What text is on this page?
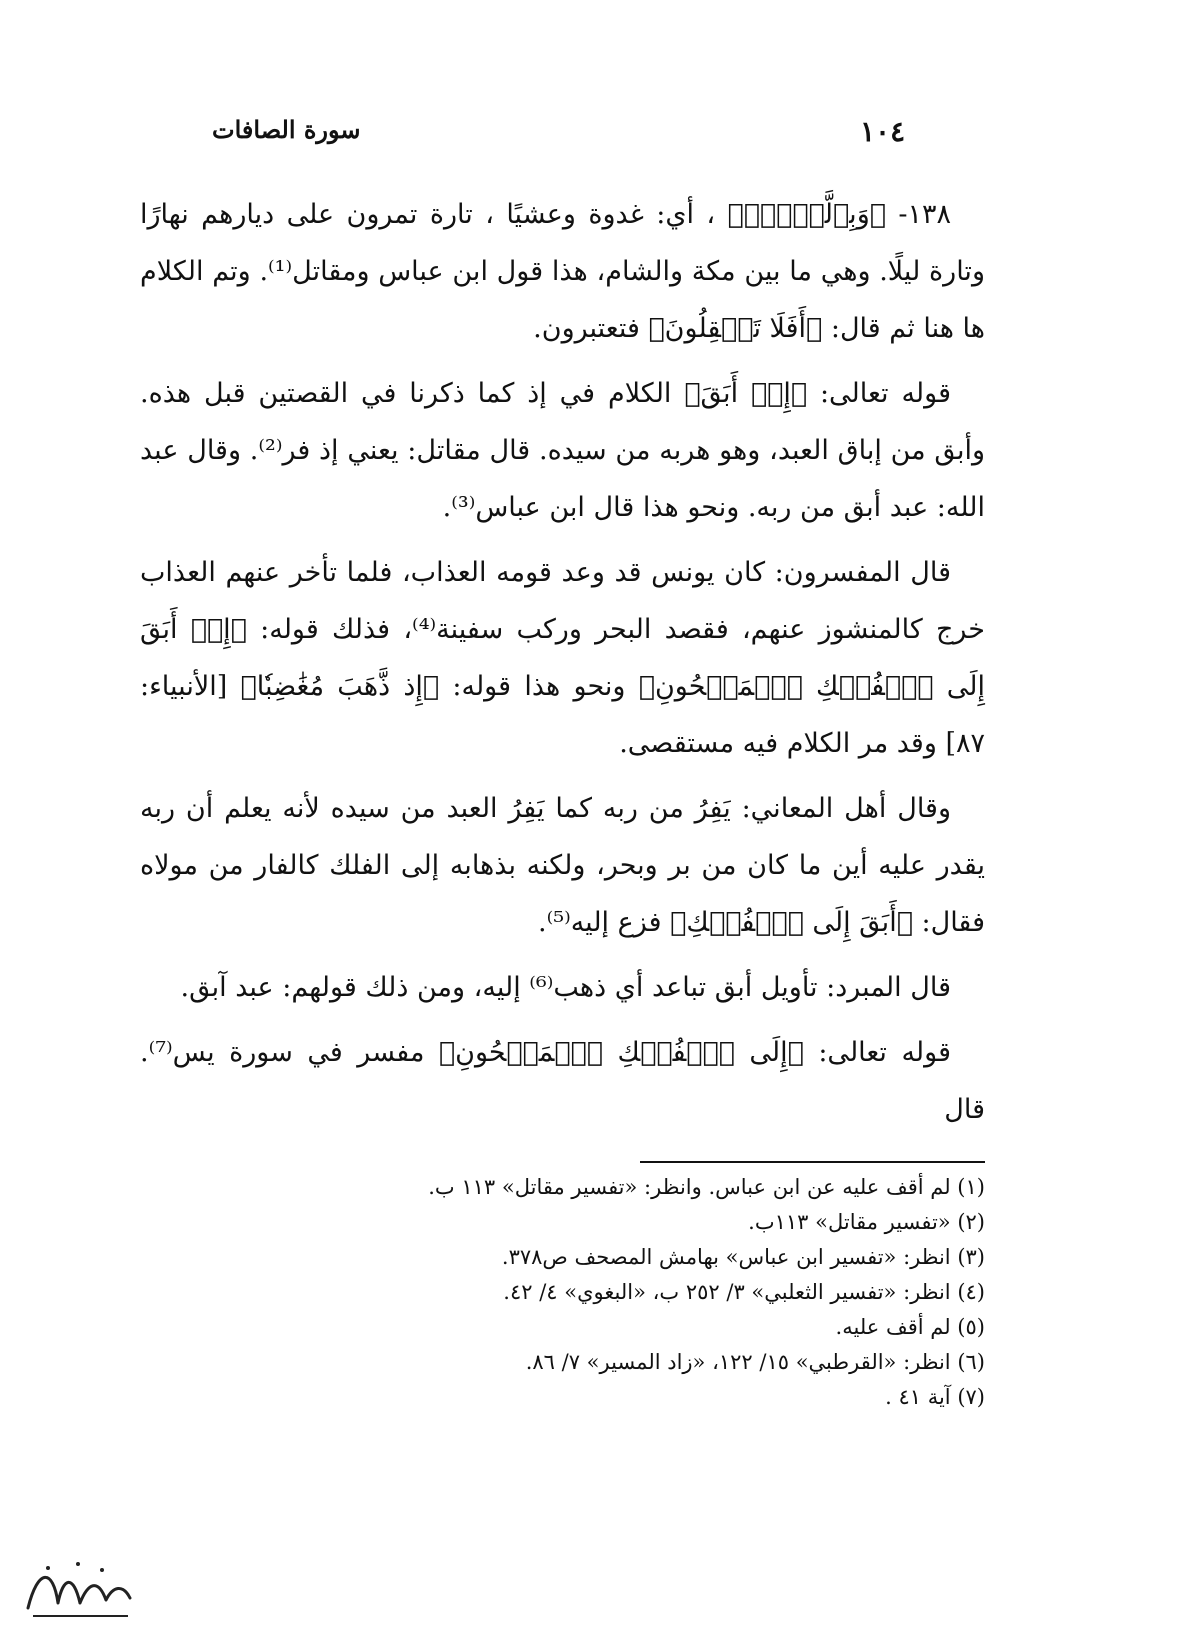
سورة الصافات	١٠٤

١٣٨- ﴿وَبِٱلَّيۡلِۚ﴾ ، أي: غدوة وعشيًا ، تارة تمرون على ديارهم نهارًا وتارة ليلًا. وهي ما بين مكة والشام، هذا قول ابن عباس ومقاتل⁽¹⁾. وتم الكلام ها هنا ثم قال: ﴿أَفَلَا تَعۡقِلُونَ﴾ فتعتبرون.

قوله تعالى: ﴿إِذۡ أَبَقَ﴾ الكلام في إذ كما ذكرنا في القصتين قبل هذه. وأبق من إباق العبد، وهو هربه من سيده. قال مقاتل: يعني إذ فر⁽²⁾. وقال عبد الله: عبد أبق من ربه. ونحو هذا قال ابن عباس⁽³⁾.

قال المفسرون: كان يونس قد وعد قومه العذاب، فلما تأخر عنهم العذاب خرج كالمنشوز عنهم، فقصد البحر وركب سفينة⁽⁴⁾، فذلك قوله: ﴿إِذۡ أَبَقَ إِلَى ٱلۡفُلۡكِ ٱلۡمَشۡحُونِ﴾ ونحو هذا قوله: ﴿إِذ ذَّهَبَ مُغَٰضِبٗا﴾ [الأنبياء: ٨٧] وقد مر الكلام فيه مستقصى.

وقال أهل المعاني: يَفِرُ من ربه كما يَفِرُ العبد من سيده لأنه يعلم أن ربه يقدر عليه أين ما كان من بر وبحر، ولكنه بذهابه إلى الفلك كالفار من مولاه فقال: ﴿أَبَقَ إِلَى ٱلۡفُلۡكِ﴾ فزع إليه⁽⁵⁾.

قال المبرد: تأويل أبق تباعد أي ذهب⁽⁶⁾ إليه، ومن ذلك قولهم: عبد آبق.

قوله تعالى: ﴿إِلَى ٱلۡفُلۡكِ ٱلۡمَشۡحُونِ﴾ مفسر في سورة يس⁽⁷⁾. قال

(١) لم أقف عليه عن ابن عباس. وانظر: «تفسير مقاتل» ١١٣ ب.
(٢) «تفسير مقاتل» ١١٣ب.
(٣) انظر: «تفسير ابن عباس» بهامش المصحف ص٣٧٨.
(٤) انظر: «تفسير الثعلبي» ٣/ ٢٥٢ ب، «البغوي» ٤/ ٤٢.
(٥) لم أقف عليه.
(٦) انظر: «القرطبي» ١٥/ ١٢٢، «زاد المسير» ٧/ ٨٦.
(٧) آية ٤١ .
